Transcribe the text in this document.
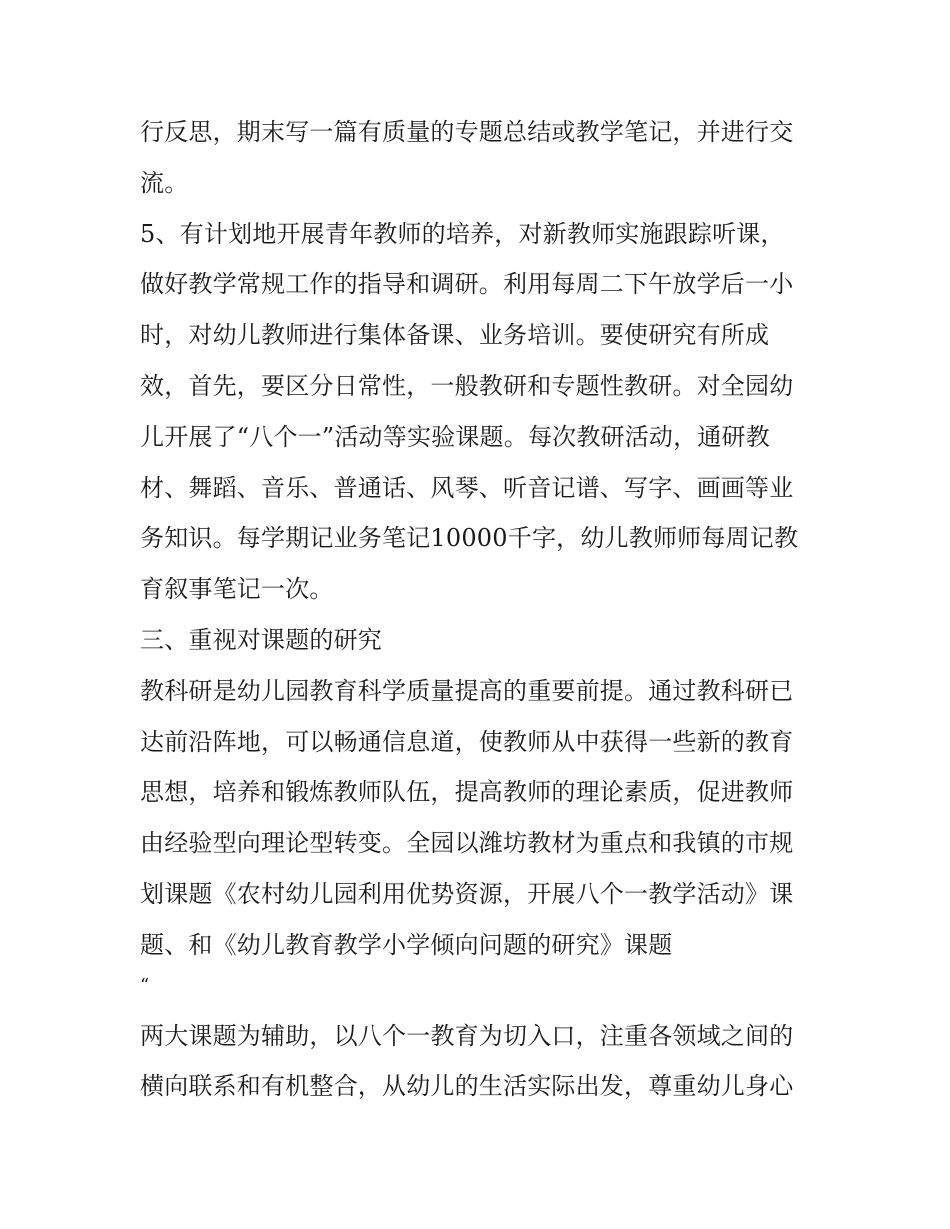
行反思，期末写一篇有质量的专题总结或教学笔记，并进行交
流。
5、有计划地开展青年教师的培养，对新教师实施跟踪听课，
做好教学常规工作的指导和调研。利用每周二下午放学后一小
时，对幼儿教师进行集体备课、业务培训。要使研究有所成
效，首先，要区分日常性，一般教研和专题性教研。对全园幼
儿开展了“八个一”活动等实验课题。每次教研活动，通研教
材、舞蹈、音乐、普通话、风琴、听音记谱、写字、画画等业
务知识。每学期记业务笔记10000千字，幼儿教师师每周记教
育叙事笔记一次。
三、重视对课题的研究
教科研是幼儿园教育科学质量提高的重要前提。通过教科研已
达前沿阵地，可以畅通信息道，使教师从中获得一些新的教育
思想，培养和锻炼教师队伍，提高教师的理论素质，促进教师
由经验型向理论型转变。全园以潍坊教材为重点和我镇的市规
划课题《农村幼儿园利用优势资源，开展八个一教学活动》课
题、和《幼儿教育教学小学倾向问题的研究》课题
“
两大课题为辅助，以八个一教育为切入口，注重各领域之间的
横向联系和有机整合，从幼儿的生活实际出发，尊重幼儿身心
